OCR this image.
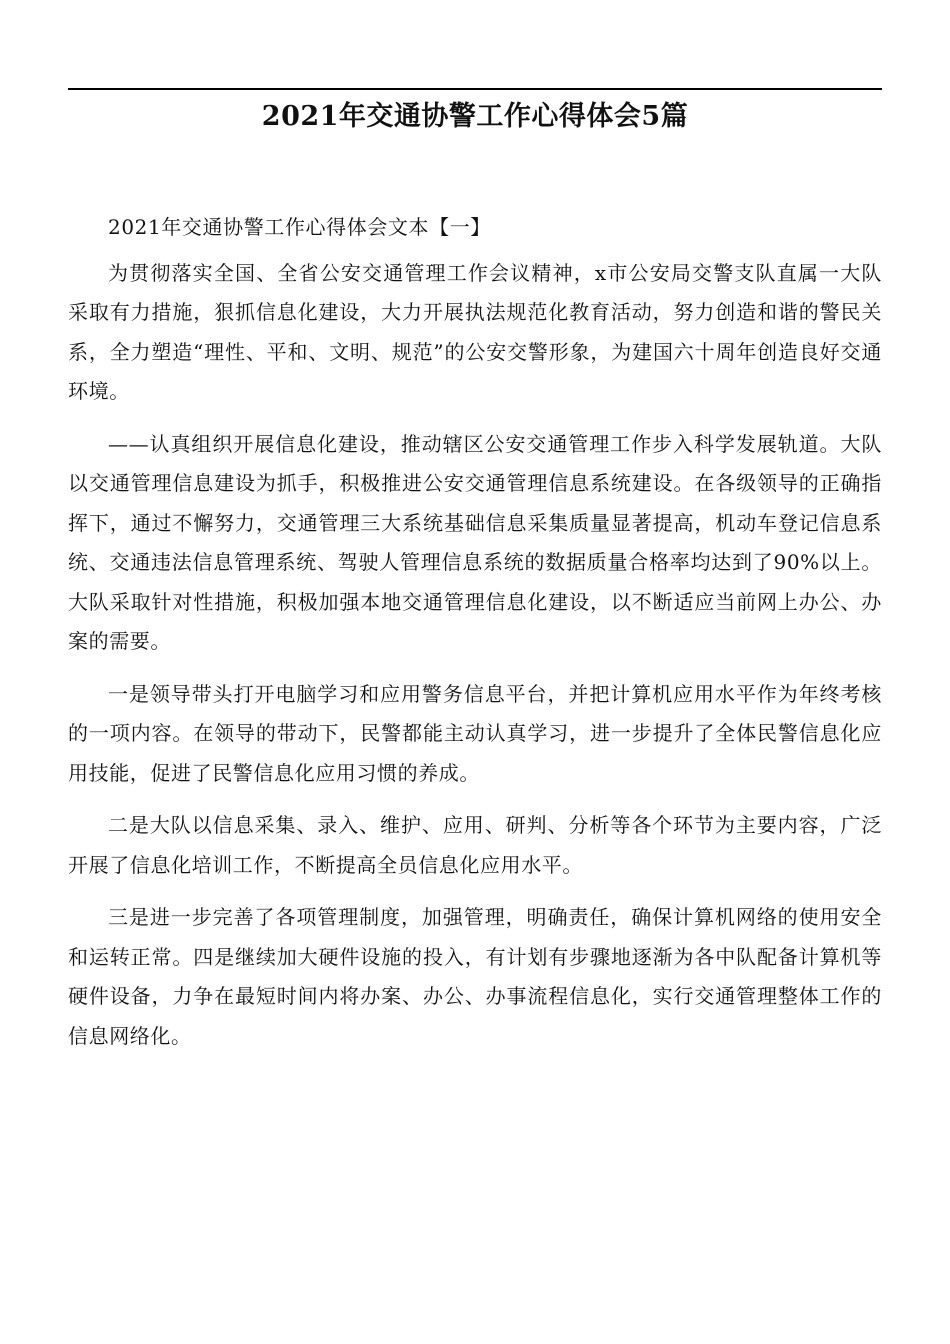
2021年交通协警工作心得体会5篇

2021年交通协警工作心得体会文本【一】

为贯彻落实全国、全省公安交通管理工作会议精神，x市公安局交警支队直属一大队采取有力措施，狠抓信息化建设，大力开展执法规范化教育活动，努力创造和谐的警民关系，全力塑造“理性、平和、文明、规范”的公安交警形象，为建国六十周年创造良好交通环境。

——认真组织开展信息化建设，推动辖区公安交通管理工作步入科学发展轨道。大队以交通管理信息建设为抓手，积极推进公安交通管理信息系统建设。在各级领导的正确指挥下，通过不懈努力，交通管理三大系统基础信息采集质量显著提高，机动车登记信息系统、交通违法信息管理系统、驾驶人管理信息系统的数据质量合格率均达到了90%以上。大队采取针对性措施，积极加强本地交通管理信息化建设，以不断适应当前网上办公、办案的需要。

一是领导带头打开电脑学习和应用警务信息平台，并把计算机应用水平作为年终考核的一项内容。在领导的带动下，民警都能主动认真学习，进一步提升了全体民警信息化应用技能，促进了民警信息化应用习惯的养成。

二是大队以信息采集、录入、维护、应用、研判、分析等各个环节为主要内容，广泛开展了信息化培训工作，不断提高全员信息化应用水平。

三是进一步完善了各项管理制度，加强管理，明确责任，确保计算机网络的使用安全和运转正常。四是继续加大硬件设施的投入，有计划有步骤地逐渐为各中队配备计算机等硬件设备，力争在最短时间内将办案、办公、办事流程信息化，实行交通管理整体工作的信息网络化。
